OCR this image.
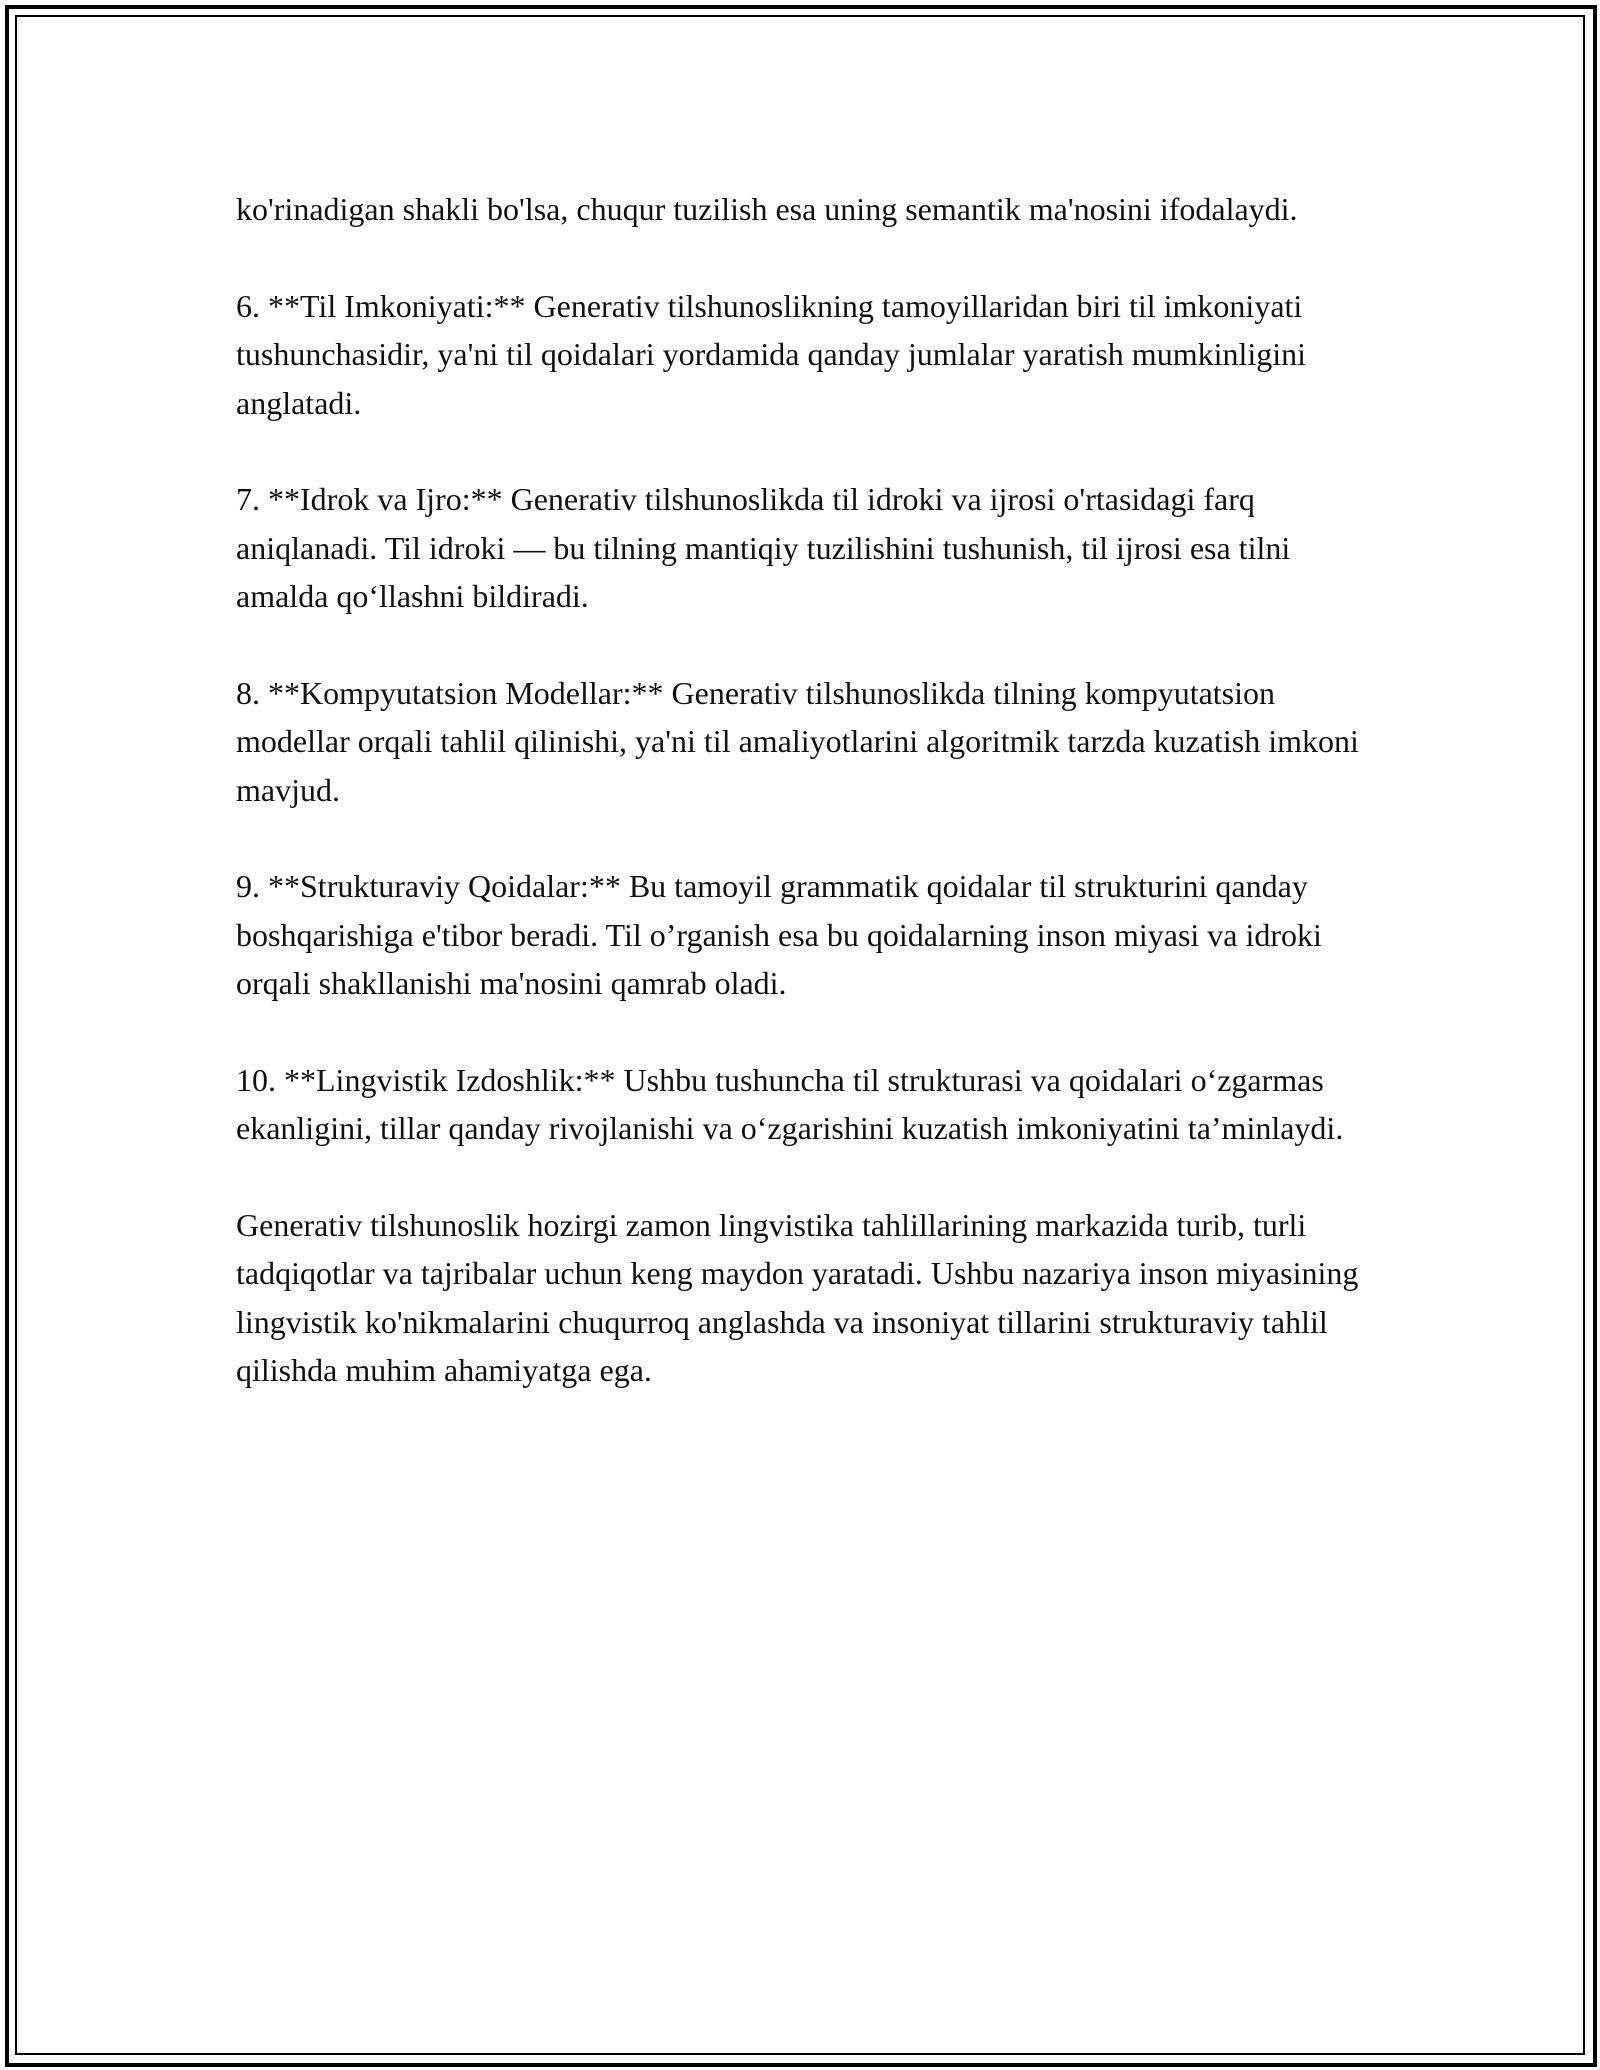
ko'rinadigan shakli bo'lsa, chuqur tuzilish esa uning semantik ma'nosini ifodalaydi.

6. **Til Imkoniyati:** Generativ tilshunoslikning tamoyillaridan biri til imkoniyati tushunchasidir, ya'ni til qoidalari yordamida qanday jumlalar yaratish mumkinligini anglatadi.

7. **Idrok va Ijro:** Generativ tilshunoslikda til idroki va ijrosi o'rtasidagi farq aniqlanadi. Til idroki — bu tilning mantiqiy tuzilishini tushunish, til ijrosi esa tilni amalda qo‘llashni bildiradi.

8. **Kompyutatsion Modellar:** Generativ tilshunoslikda tilning kompyutatsion modellar orqali tahlil qilinishi, ya'ni til amaliyotlarini algoritmik tarzda kuzatish imkoni mavjud.

9. **Strukturaviy Qoidalar:** Bu tamoyil grammatik qoidalar til strukturini qanday boshqarishiga e'tibor beradi. Til o’rganish esa bu qoidalarning inson miyasi va idroki orqali shakllanishi ma'nosini qamrab oladi.

10. **Lingvistik Izdoshlik:** Ushbu tushuncha til strukturasi va qoidalari o‘zgarmas ekanligini, tillar qanday rivojlanishi va o‘zgarishini kuzatish imkoniyatini ta’minlaydi.

Generativ tilshunoslik hozirgi zamon lingvistika tahlillarining markazida turib, turli tadqiqotlar va tajribalar uchun keng maydon yaratadi. Ushbu nazariya inson miyasining lingvistik ko'nikmalarini chuqurroq anglashda va insoniyat tillarini strukturaviy tahlil qilishda muhim ahamiyatga ega.
